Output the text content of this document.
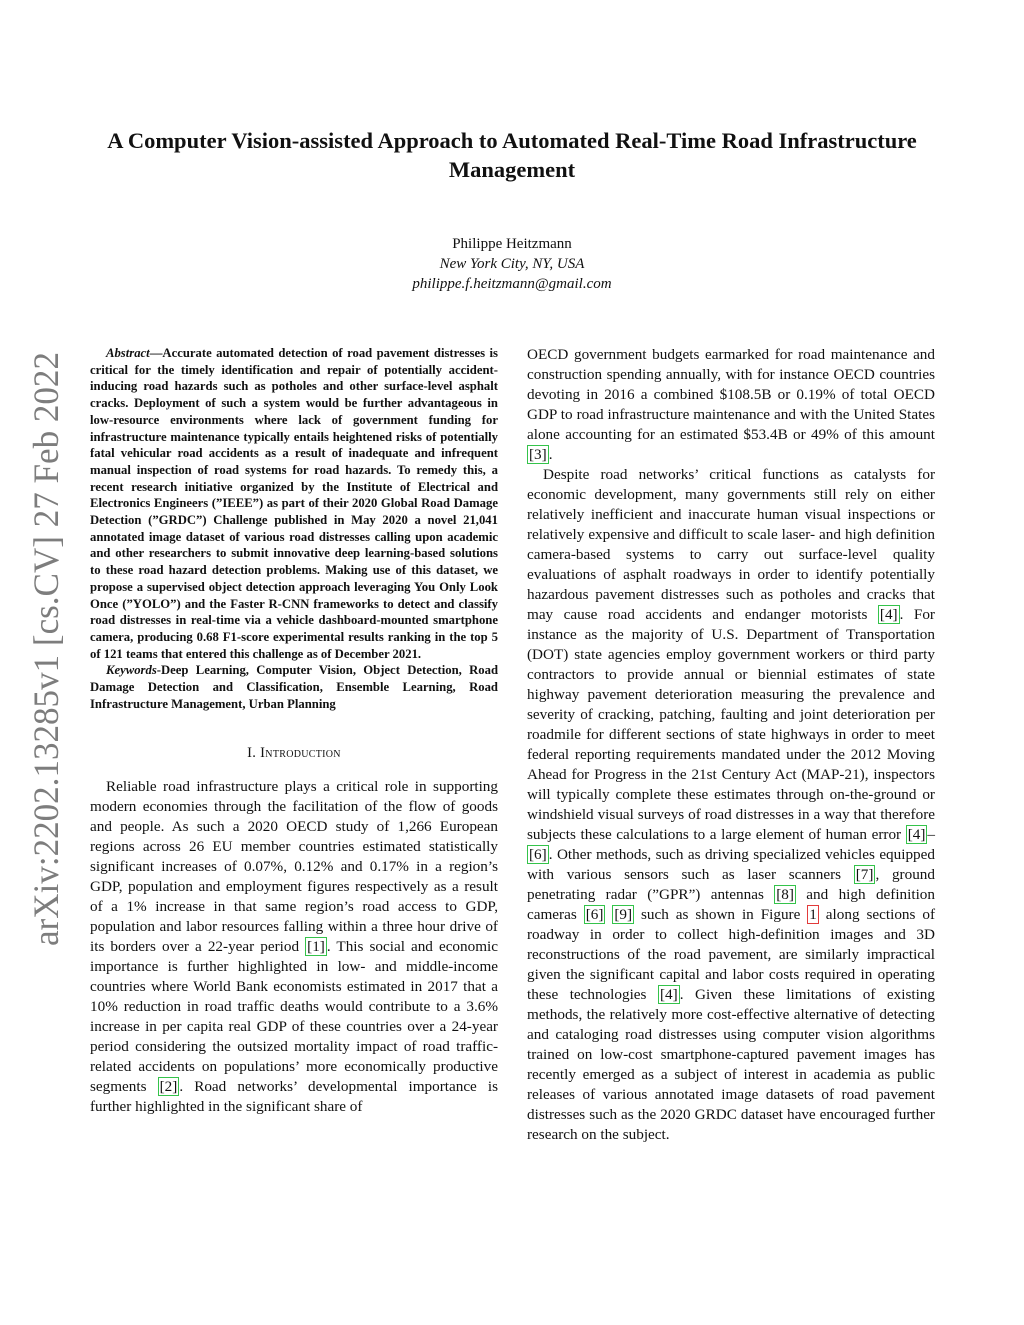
arXiv:2202.13285v1 [cs.CV] 27 Feb 2022
A Computer Vision-assisted Approach to Automated Real-Time Road Infrastructure Management
Philippe Heitzmann
New York City, NY, USA
philippe.f.heitzmann@gmail.com

Abstract—Accurate automated detection of road pavement distresses is critical for the timely identification and repair of potentially accident-inducing road hazards such as potholes and other surface-level asphalt cracks. Deployment of such a system would be further advantageous in low-resource environments where lack of government funding for infrastructure maintenance typically entails heightened risks of potentially fatal vehicular road accidents as a result of inadequate and infrequent manual inspection of road systems for road hazards. To remedy this, a recent research initiative organized by the Institute of Electrical and Electronics Engineers (”IEEE”) as part of their 2020 Global Road Damage Detection (”GRDC”) Challenge published in May 2020 a novel 21,041 annotated image dataset of various road distresses calling upon academic and other researchers to submit innovative deep learning-based solutions to these road hazard detection problems. Making use of this dataset, we propose a supervised object detection approach leveraging You Only Look Once (”YOLO”) and the Faster R-CNN frameworks to detect and classify road distresses in real-time via a vehicle dashboard-mounted smartphone camera, producing 0.68 F1-score experimental results ranking in the top 5 of 121 teams that entered this challenge as of December 2021.

Keywords-Deep Learning, Computer Vision, Object Detection, Road Damage Detection and Classification, Ensemble Learning, Road Infrastructure Management, Urban Planning

I. Introduction

Reliable road infrastructure plays a critical role in supporting modern economies through the facilitation of the flow of goods and people. As such a 2020 OECD study of 1,266 European regions across 26 EU member countries estimated statistically significant increases of 0.07%, 0.12% and 0.17% in a region’s GDP, population and employment figures respectively as a result of a 1% increase in that same region’s road access to GDP, population and labor resources falling within a three hour drive of its borders over a 22-year period [1] . This social and economic importance is further highlighted in low- and middle-income countries where World Bank economists estimated in 2017 that a 10% reduction in road traffic deaths would contribute to a 3.6% increase in per capita real GDP of these countries over a 24-year period considering the outsized mortality impact of road traffic-related accidents on populations’ more economically productive segments [2] . Road networks’ developmental importance is further highlighted in the significant share of

OECD government budgets earmarked for road maintenance and construction spending annually, with for instance OECD countries devoting in 2016 a combined $108.5B or 0.19% of total OECD GDP to road infrastructure maintenance and with the United States alone accounting for an estimated $53.4B or 49% of this amount [3] .

Despite road networks’ critical functions as catalysts for economic development, many governments still rely on either relatively inefficient and inaccurate human visual inspections or relatively expensive and difficult to scale laser- and high definition camera-based systems to carry out surface-level quality evaluations of asphalt roadways in order to identify potentially hazardous pavement distresses such as potholes and cracks that may cause road accidents and endanger motorists [4] . For instance as the majority of U.S. Department of Transportation (DOT) state agencies employ government workers or third party contractors to provide annual or biennial estimates of state highway pavement deterioration measuring the prevalence and severity of cracking, patching, faulting and joint deterioration per roadmile for different sections of state highways in order to meet federal reporting requirements mandated under the 2012 Moving Ahead for Progress in the 21st Century Act (MAP-21), inspectors will typically complete these estimates through on-the-ground or windshield visual surveys of road distresses in a way that therefore subjects these calculations to a large element of human error [4] –[6] . Other methods, such as driving specialized vehicles equipped with various sensors such as laser scanners [7] , ground penetrating radar (”GPR”) antennas [8] and high definition cameras [6] [9] such as shown in Figure 1 along sections of roadway in order to collect high-definition images and 3D reconstructions of the road pavement, are similarly impractical given the significant capital and labor costs required in operating these technologies [4] . Given these limitations of existing methods, the relatively more cost-effective alternative of detecting and cataloging road distresses using computer vision algorithms trained on low-cost smartphone-captured pavement images has recently emerged as a subject of interest in academia as public releases of various annotated image datasets of road pavement distresses such as the 2020 GRDC dataset have encouraged further research on the subject.
